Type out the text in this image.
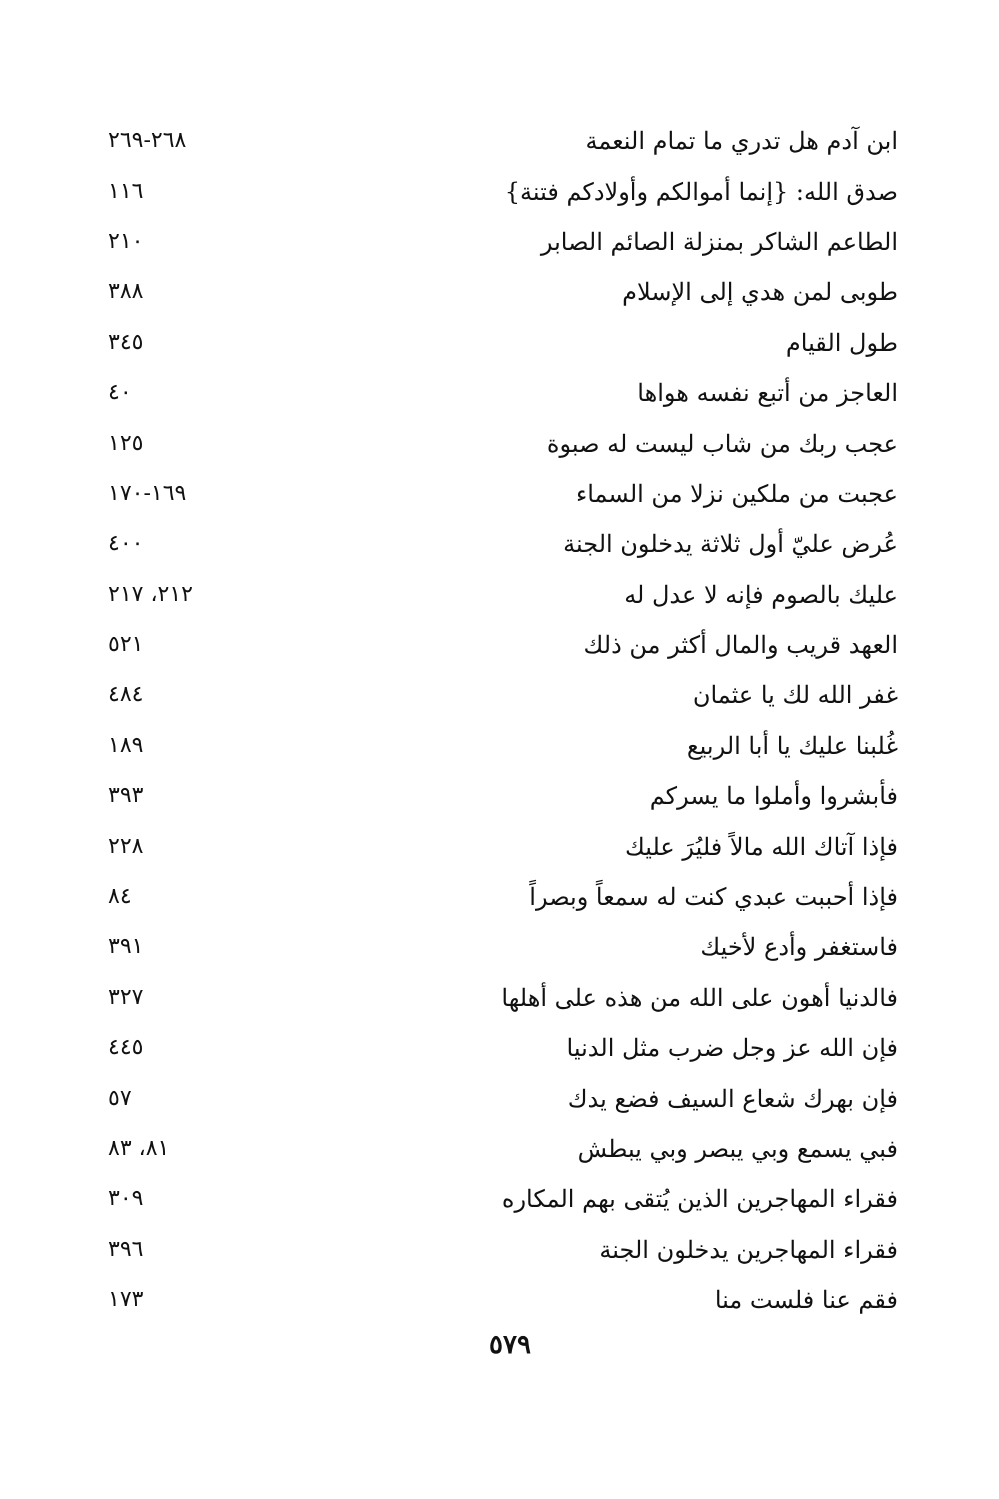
ابن آدم هل تدري ما تمام النعمة
٢٦٨-٢٦٩
صدق الله: {إنما أموالكم وأولادكم فتنة}
١١٦
الطاعم الشاكر بمنزلة الصائم الصابر
٢١٠
طوبى لمن هدي إلى الإسلام
٣٨٨
طول القيام
٣٤٥
العاجز من أتبع نفسه هواها
٤٠
عجب ربك من شاب ليست له صبوة
١٢٥
عجبت من ملكين نزلا من السماء
١٦٩-١٧٠
عُرض عليّ أول ثلاثة يدخلون الجنة
٤٠٠
عليك بالصوم فإنه لا عدل له
٢١٢، ٢١٧
العهد قريب والمال أكثر من ذلك
٥٢١
غفر الله لك يا عثمان
٤٨٤
غُلبنا عليك يا أبا الربيع
١٨٩
فأبشروا وأملوا ما يسركم
٣٩٣
فإذا آتاك الله مالاً فليُرَ عليك
٢٢٨
فإذا أحببت عبدي كنت له سمعاً وبصراً
٨٤
فاستغفر وأدع لأخيك
٣٩١
فالدنيا أهون على الله من هذه على أهلها
٣٢٧
فإن الله عز وجل ضرب مثل الدنيا
٤٤٥
فإن بهرك شعاع السيف فضع يدك
٥٧
فبي يسمع وبي يبصر وبي يبطش
٨١، ٨٣
فقراء المهاجرين الذين يُتقى بهم المكاره
٣٠٩
فقراء المهاجرين يدخلون الجنة
٣٩٦
فقم عنا فلست منا
١٧٣
٥٧٩
